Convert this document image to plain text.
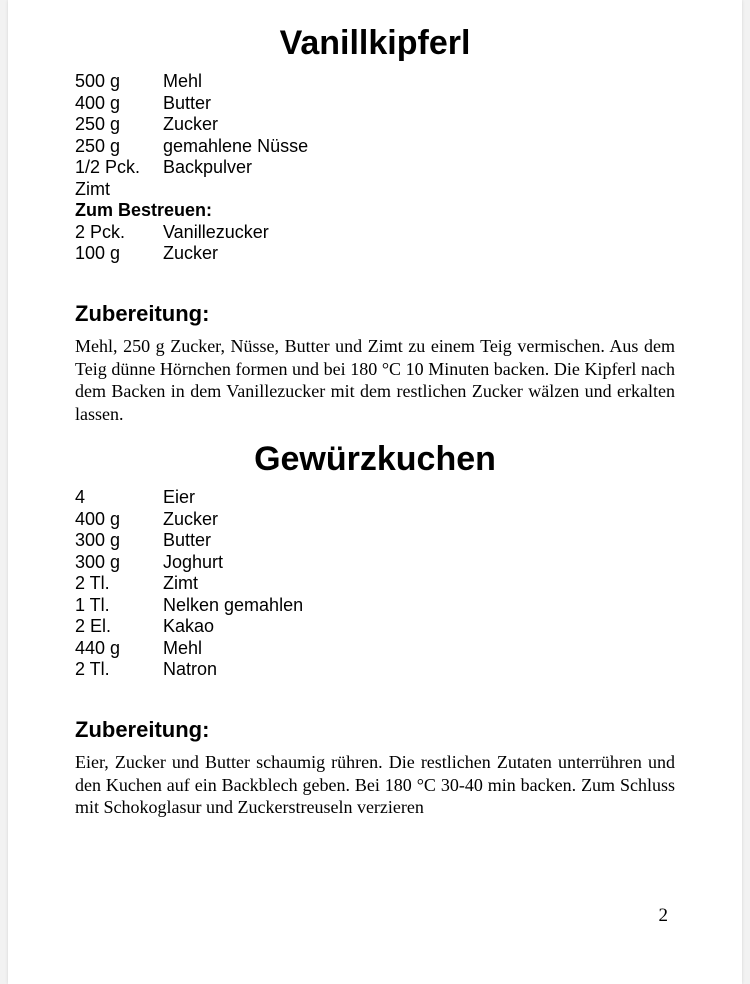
Vanillkipferl
500 g	Mehl
400 g	Butter
250 g	Zucker
250 g	gemahlene Nüsse
1/2 Pck.	Backpulver
Zimt
Zum Bestreuen:
2 Pck.	Vanillezucker
100 g	Zucker
Zubereitung:

Mehl, 250 g Zucker, Nüsse, Butter und Zimt zu einem Teig vermischen. Aus dem Teig dünne Hörnchen formen und bei 180 °C 10 Minuten backen. Die Kipferl nach dem Backen in dem Vanillezucker mit dem restlichen Zucker wälzen und erkalten lassen.

Gewürzkuchen
4	Eier
400 g	Zucker
300 g	Butter
300 g	Joghurt
2 Tl.	Zimt
1 Tl.	Nelken gemahlen
2 El.	Kakao
440 g	Mehl
2 Tl.	Natron
Zubereitung:

Eier, Zucker und Butter schaumig rühren. Die restlichen Zutaten unterrühren und den Kuchen auf ein Backblech geben. Bei 180 °C 30-40 min backen. Zum Schluss mit Schokoglasur und Zuckerstreuseln verzieren

2
